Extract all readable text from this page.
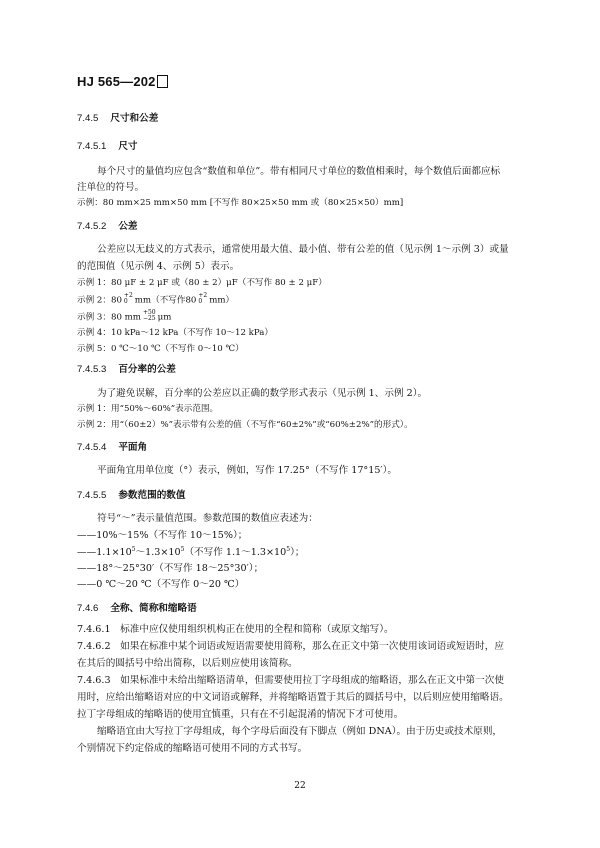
HJ 565—202
7.4.5 尺寸和公差
7.4.5.1 尺寸
每个尺寸的量值均应包含“数值和单位”。带有相同尺寸单位的数值相乘时，每个数值后面都应标
注单位的符号。
示例：80 mm×25 mm×50 mm [不写作 80×25×50 mm 或（80×25×50）mm]
7.4.5.2 公差
公差应以无歧义的方式表示，通常使用最大值、最小值、带有公差的值（见示例 1～示例 3）或量
的范围值（见示例 4、示例 5）表示。
示例 1：80 μF ± 2 μF 或（80 ± 2）μF（不写作 80 ± 2 μF）
示例 2：80 +2
0 mm（不写作80 +2
0 mm）
示例 3：80 mm +50
−25 μm
示例 4：10 kPa～12 kPa（不写作 10～12 kPa）
示例 5：0 ℃～10 ℃（不写作 0～10 ℃）
7.4.5.3 百分率的公差
为了避免误解，百分率的公差应以正确的数学形式表示（见示例 1、示例 2）。
示例 1：用“50%～60%”表示范围。
示例 2：用“（60±2）%”表示带有公差的值（不写作“60±2%”或“60%±2%”的形式）。
7.4.5.4 平面角
平面角宜用单位度（°）表示，例如，写作 17.25°（不写作 17°15′）。
7.4.5.5 参数范围的数值
符号“～”表示量值范围。参数范围的数值应表述为：
——10%～15%（不写作 10～15%）；
$——1.1\times 10^5\sim 1.3\times 10^5$（不写作 $1.1\sim 1.3\times 10^5$）；
——18°～25°30′（不写作 18～25°30′）；
——0 ℃～20 ℃（不写作 0～20 ℃）
7.4.6 全称、简称和缩略语
7.4.6.1　标准中应仅使用组织机构正在使用的全程和简称（或原文缩写）。
7.4.6.2　如果在标准中某个词语或短语需要使用简称，那么在正文中第一次使用该词语或短语时，应
在其后的圆括号中给出简称，以后则应使用该简称。
7.4.6.3　如果标准中未给出缩略语清单，但需要使用拉丁字母组成的缩略语，那么在正文中第一次使
用时，应给出缩略语对应的中文词语或解释，并将缩略语置于其后的圆括号中，以后则应使用缩略语。
拉丁字母组成的缩略语的使用宜慎重，只有在不引起混淆的情况下才可使用。
缩略语宜由大写拉丁字母组成，每个字母后面没有下脚点（例如 DNA）。由于历史或技术原则，
个别情况下约定俗成的缩略语可使用不同的方式书写。
22
